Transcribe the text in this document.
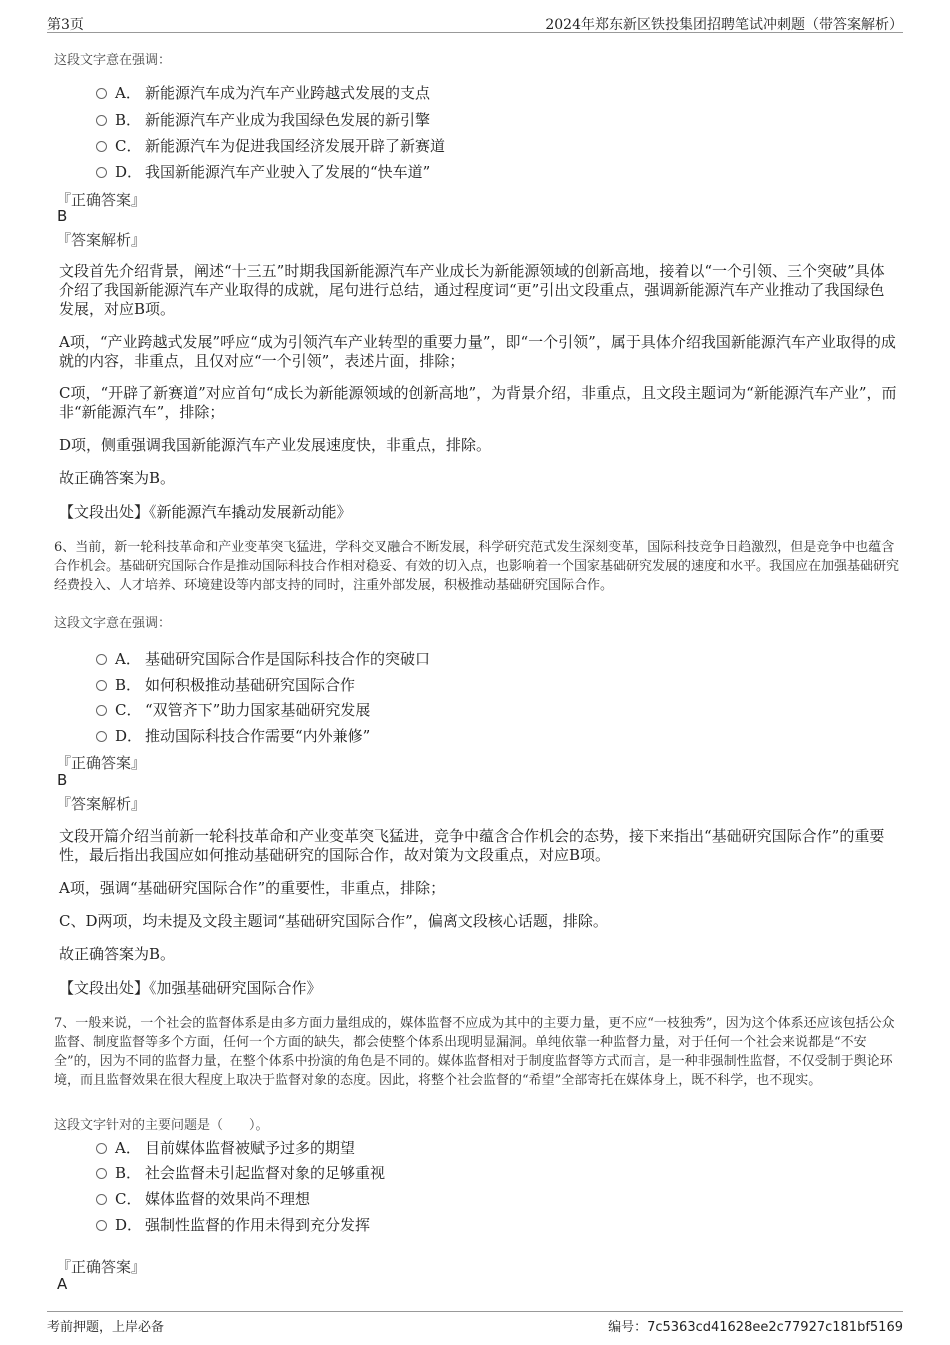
第3页	2024年郑东新区铁投集团招聘笔试冲刺题（带答案解析）
这段文字意在强调：
A． 新能源汽车成为汽车产业跨越式发展的支点
B． 新能源汽车产业成为我国绿色发展的新引擎
C． 新能源汽车为促进我国经济发展开辟了新赛道
D． 我国新能源汽车产业驶入了发展的“快车道”
『正确答案』
B
『答案解析』
文段首先介绍背景，阐述“十三五”时期我国新能源汽车产业成长为新能源领域的创新高地，接着以“一个引领、三个突破”具体介绍了我国新能源汽车产业取得的成就，尾句进行总结，通过程度词“更”引出文段重点，强调新能源汽车产业推动了我国绿色发展，对应B项。
A项，“产业跨越式发展”呼应“成为引领汽车产业转型的重要力量”，即“一个引领”，属于具体介绍我国新能源汽车产业取得的成就的内容，非重点，且仅对应“一个引领”，表述片面，排除；
C项，“开辟了新赛道”对应首句“成长为新能源领域的创新高地”，为背景介绍，非重点，且文段主题词为“新能源汽车产业”，而非“新能源汽车”，排除；
D项，侧重强调我国新能源汽车产业发展速度快，非重点，排除。
故正确答案为B。
【文段出处】《新能源汽车撬动发展新动能》
6、当前，新一轮科技革命和产业变革突飞猛进，学科交叉融合不断发展，科学研究范式发生深刻变革，国际科技竞争日趋激烈，但是竞争中也蕴含合作机会。基础研究国际合作是推动国际科技合作相对稳妥、有效的切入点，也影响着一个国家基础研究发展的速度和水平。我国应在加强基础研究经费投入、人才培养、环境建设等内部支持的同时，注重外部发展，积极推动基础研究国际合作。
这段文字意在强调：
A． 基础研究国际合作是国际科技合作的突破口
B． 如何积极推动基础研究国际合作
C． “双管齐下”助力国家基础研究发展
D． 推动国际科技合作需要“内外兼修”
『正确答案』
B
『答案解析』
文段开篇介绍当前新一轮科技革命和产业变革突飞猛进，竞争中蕴含合作机会的态势，接下来指出“基础研究国际合作”的重要性，最后指出我国应如何推动基础研究的国际合作，故对策为文段重点，对应B项。
A项，强调“基础研究国际合作”的重要性，非重点，排除；
C、D两项，均未提及文段主题词“基础研究国际合作”，偏离文段核心话题，排除。
故正确答案为B。
【文段出处】《加强基础研究国际合作》
7、一般来说，一个社会的监督体系是由多方面力量组成的，媒体监督不应成为其中的主要力量，更不应“一枝独秀”，因为这个体系还应该包括公众监督、制度监督等多个方面，任何一个方面的缺失，都会使整个体系出现明显漏洞。单纯依靠一种监督力量，对于任何一个社会来说都是“不安全”的，因为不同的监督力量，在整个体系中扮演的角色是不同的。媒体监督相对于制度监督等方式而言，是一种非强制性监督，不仅受制于舆论环境，而且监督效果在很大程度上取决于监督对象的态度。因此，将整个社会监督的“希望”全部寄托在媒体身上，既不科学，也不现实。
这段文字针对的主要问题是（　　）。
A． 目前媒体监督被赋予过多的期望
B． 社会监督未引起监督对象的足够重视
C． 媒体监督的效果尚不理想
D． 强制性监督的作用未得到充分发挥
『正确答案』
A
考前押题，上岸必备	编号：7c5363cd41628ee2c77927c181bf5169
